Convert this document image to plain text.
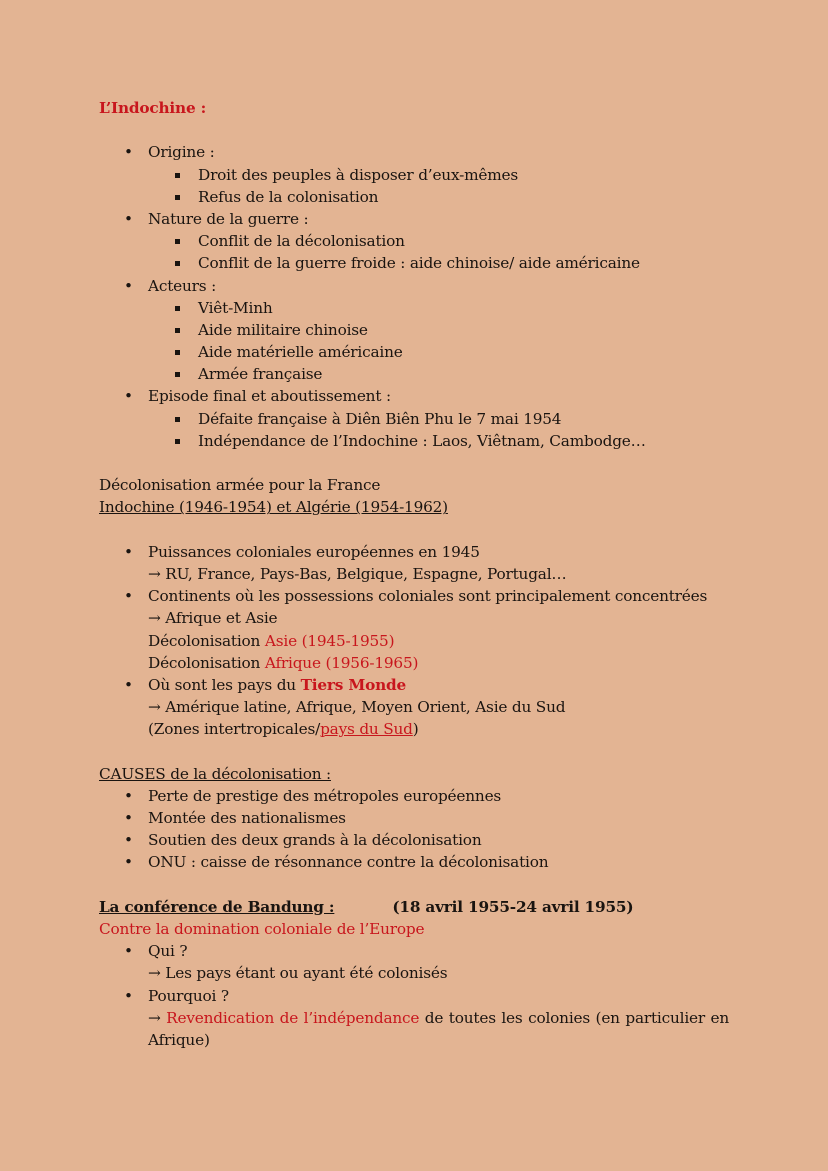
L’Indochine :
• Origine :
Droit des peuples à disposer d’eux-mêmes
Refus de la colonisation
• Nature de la guerre :
Conflit de la décolonisation
Conflit de la guerre froide : aide chinoise/ aide américaine
• Acteurs :
Viêt-Minh
Aide militaire chinoise
Aide matérielle américaine
Armée française
• Episode final et aboutissement :
Défaite française à Diên Biên Phu le 7 mai 1954
Indépendance de l’Indochine : Laos, Viêtnam, Cambodge…
Décolonisation armée pour la France
Indochine (1946-1954) et Algérie (1954-1962)
• Puissances coloniales européennes en 1945
→ RU, France, Pays-Bas, Belgique, Espagne, Portugal…
• Continents où les possessions coloniales sont principalement concentrées
→ Afrique et Asie
Décolonisation Asie (1945-1955)
Décolonisation Afrique (1956-1965)
• Où sont les pays du Tiers Monde
→ Amérique latine, Afrique, Moyen Orient, Asie du Sud
(Zones intertropicales/pays du Sud)
CAUSES de la décolonisation :
• Perte de prestige des métropoles européennes
• Montée des nationalismes
• Soutien des deux grands à la décolonisation
• ONU : caisse de résonnance contre la décolonisation
La conférence de Bandung :	(18 avril 1955-24 avril 1955)
Contre la domination coloniale de l’Europe
• Qui ?
→ Les pays étant ou ayant été colonisés
• Pourquoi ?
→ Revendication de l’indépendance de toutes les colonies (en particulier en Afrique)
